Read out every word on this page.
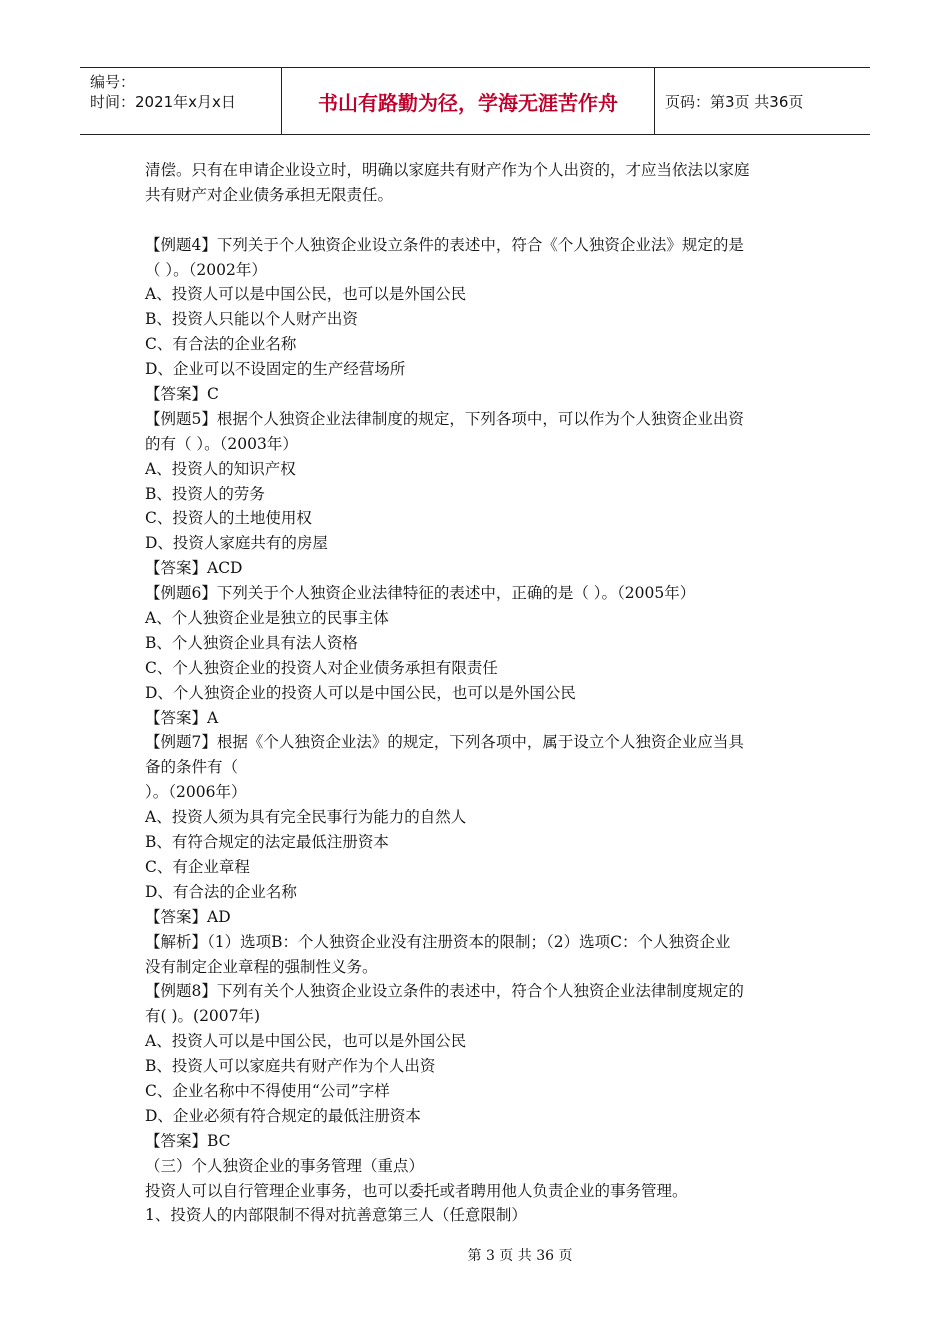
编号：
时间：2021年x月x日	书山有路勤为径，学海无涯苦作舟	页码：第3页 共36页
清偿。只有在申请企业设立时，明确以家庭共有财产作为个人出资的，才应当依法以家庭
共有财产对企业债务承担无限责任。
【例题4】下列关于个人独资企业设立条件的表述中，符合《个人独资企业法》规定的是
（ ）。（2002年）
A、投资人可以是中国公民，也可以是外国公民
B、投资人只能以个人财产出资
C、有合法的企业名称
D、企业可以不设固定的生产经营场所
【答案】C
【例题5】根据个人独资企业法律制度的规定，下列各项中，可以作为个人独资企业出资
的有（ ）。（2003年）
A、投资人的知识产权
B、投资人的劳务
C、投资人的土地使用权
D、投资人家庭共有的房屋
【答案】ACD
【例题6】下列关于个人独资企业法律特征的表述中，正确的是（ ）。（2005年）
A、个人独资企业是独立的民事主体
B、个人独资企业具有法人资格
C、个人独资企业的投资人对企业债务承担有限责任
D、个人独资企业的投资人可以是中国公民，也可以是外国公民
【答案】A
【例题7】根据《个人独资企业法》的规定，下列各项中，属于设立个人独资企业应当具
备的条件有（
）。（2006年）
A、投资人须为具有完全民事行为能力的自然人
B、有符合规定的法定最低注册资本
C、有企业章程
D、有合法的企业名称
【答案】AD
【解析】（1）选项B：个人独资企业没有注册资本的限制；（2）选项C：个人独资企业
没有制定企业章程的强制性义务。
【例题8】下列有关个人独资企业设立条件的表述中，符合个人独资企业法律制度规定的
有( )。(2007年)
A、投资人可以是中国公民，也可以是外国公民
B、投资人可以家庭共有财产作为个人出资
C、企业名称中不得使用“公司”字样
D、企业必须有符合规定的最低注册资本
【答案】BC
（三）个人独资企业的事务管理（重点）
投资人可以自行管理企业事务，也可以委托或者聘用他人负责企业的事务管理。
1、投资人的内部限制不得对抗善意第三人（任意限制）
第 3 页 共 36 页
